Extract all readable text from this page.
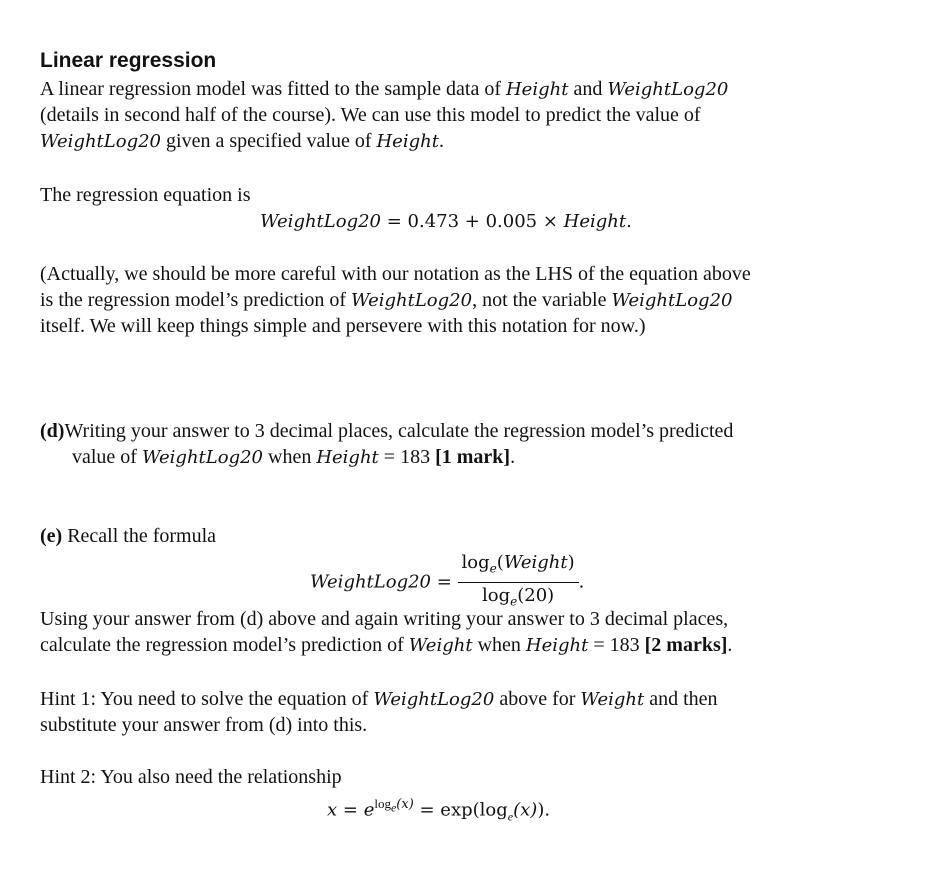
Linear regression
A linear regression model was fitted to the sample data of Height and WeightLog20
(details in second half of the course). We can use this model to predict the value of
WeightLog20 given a specified value of Height.
The regression equation is
WeightLog20 = 0.473 + 0.005 × Height.
(Actually, we should be more careful with our notation as the LHS of the equation above
is the regression model’s prediction of WeightLog20, not the variable WeightLog20
itself. We will keep things simple and persevere with this notation for now.)
(d)Writing your answer to 3 decimal places, calculate the regression model’s predicted
value of WeightLog20 when Height = 183 [1 mark].
(e) Recall the formula
WeightLog20 = $\frac{\log_e(Weight)}{\log_e(20)}$ .
Using your answer from (d) above and again writing your answer to 3 decimal places,
calculate the regression model’s prediction of Weight when Height = 183 [2 marks].
Hint 1: You need to solve the equation of WeightLog20 above for Weight and then
substitute your answer from (d) into this.
Hint 2: You also need the relationship
$x = e^{log_e(x)} = \exp(\log_e(x))$.
